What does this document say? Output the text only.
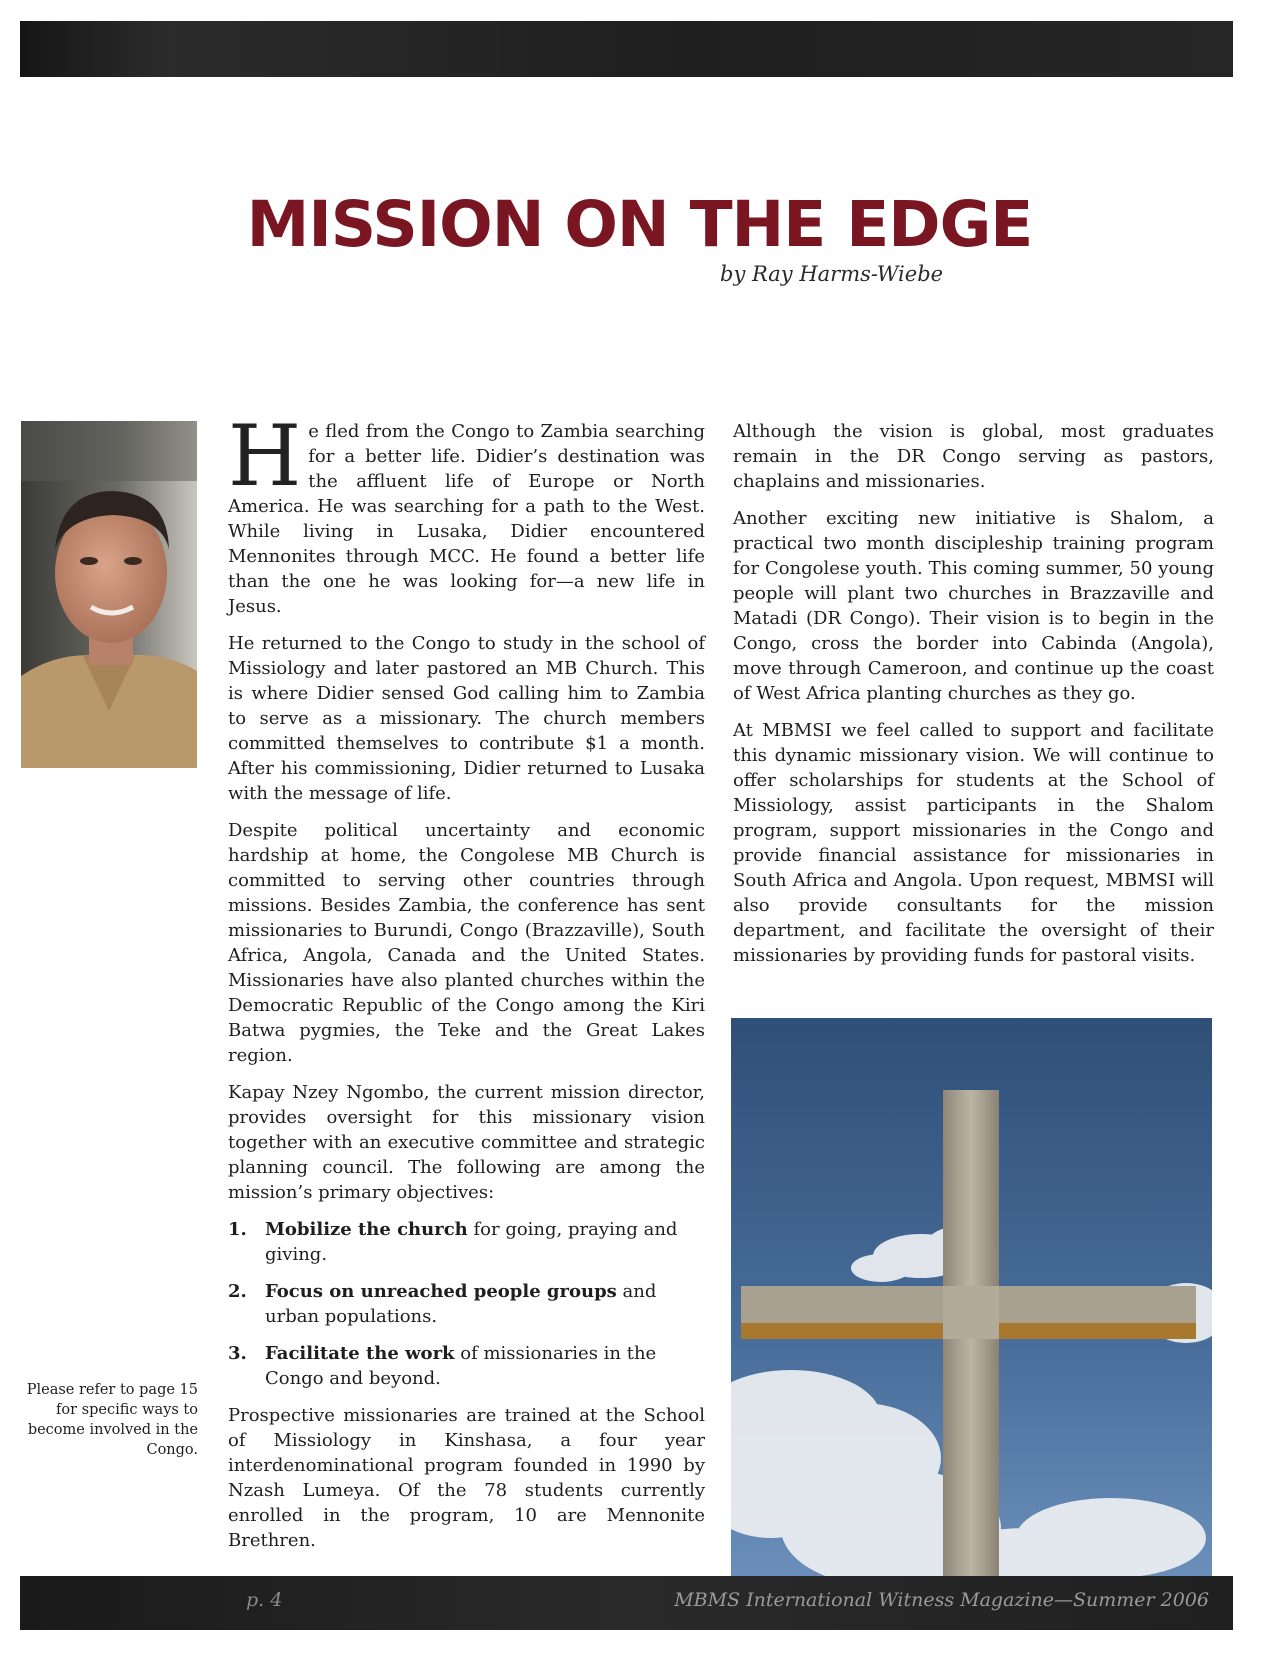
MISSION ON THE EDGE
by Ray Harms-Wiebe
Please refer to page 15 for specific ways to become involved in the Congo.

He fled from the Congo to Zambia searching for a better life. Didier’s destination was the affluent life of Europe or North America. He was searching for a path to the West. While living in Lusaka, Didier encountered Mennonites through MCC. He found a better life than the one he was looking for—a new life in Jesus.

He returned to the Congo to study in the school of Missiology and later pastored an MB Church. This is where Didier sensed God calling him to Zambia to serve as a missionary. The church members committed themselves to contribute $1 a month. After his commissioning, Didier returned to Lusaka with the message of life.

Despite political uncertainty and economic hardship at home, the Congolese MB Church is committed to serving other countries through missions. Besides Zambia, the conference has sent missionaries to Burundi, Congo (Brazzaville), South Africa, Angola, Canada and the United States. Missionaries have also planted churches within the Democratic Republic of the Congo among the Kiri Batwa pygmies, the Teke and the Great Lakes region.

Kapay Nzey Ngombo, the current mission director, provides oversight for this missionary vision together with an executive committee and strategic planning council. The following are among the mission’s primary objectives:

1. Mobilize the church for going, praying and giving.
2. Focus on unreached people groups and urban populations.
3. Facilitate the work of missionaries in the Congo and beyond.

Prospective missionaries are trained at the School of Missiology in Kinshasa, a four year interdenominational program founded in 1990 by Nzash Lumeya. Of the 78 students currently enrolled in the program, 10 are Mennonite Brethren.

Although the vision is global, most graduates remain in the DR Congo serving as pastors, chaplains and missionaries.

Another exciting new initiative is Shalom, a practical two month discipleship training program for Congolese youth. This coming summer, 50 young people will plant two churches in Brazzaville and Matadi (DR Congo). Their vision is to begin in the Congo, cross the border into Cabinda (Angola), move through Cameroon, and continue up the coast of West Africa planting churches as they go.

At MBMSI we feel called to support and facilitate this dynamic missionary vision. We will continue to offer scholarships for students at the School of Missiology, assist participants in the Shalom program, support missionaries in the Congo and provide financial assistance for missionaries in South Africa and Angola. Upon request, MBMSI will also provide consultants for the mission department, and facilitate the oversight of their missionaries by providing funds for pastoral visits.

p. 4	MBMS International Witness Magazine—Summer 2006
